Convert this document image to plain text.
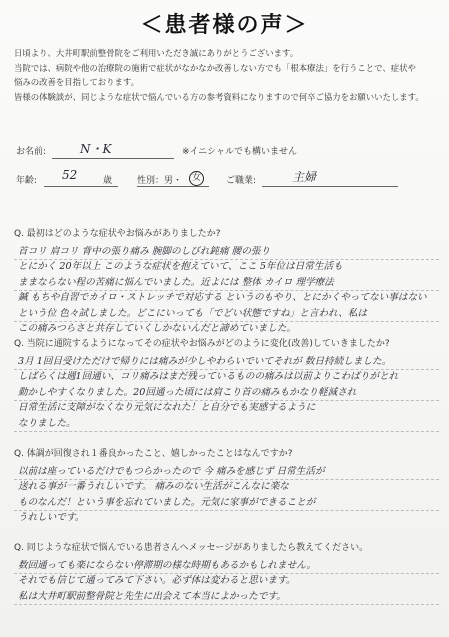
＜患者様の声＞
日頃より、大井町駅前整骨院をご利用いただき誠にありがとうございます。
当院では、病院や他の治療院の施術で症状がなかなか改善しない方でも「根本療法」を行うことで、症状や
悩みの改善を目指しております。
皆様の体験談が、同じような症状で悩んでいる方の参考資料になりますので何卒ご協力をお願いいたします。
お名前:	N・K	※イニシャルでも構いません
年齢: 52	歳	性別：男・	女	ご職業:	主婦
Q. 最初はどのような症状やお悩みがありましたか?
首コリ 肩コリ 背中の張り痛み 腕脚のしびれ鈍痛 腰の張り
とにかく 20年以上 このような症状を抱えていて、ここ 5年位は日常生活も
ままならない程の苦痛に悩んでいました。近よには 整体 カイロ 理学療法
鍼 もちや自習でカイロ・ストレッチで対応する というのもやり、とにかくやってない事はない
という位 色々試しました。どこにいっても「でどい状態ですね」と言われ、私は
この痛みつらさと共存していくしかないんだと諦めていました。
Q. 当院に通院するようになってその症状やお悩みがどのように変化(改善)していきましたか?
3月 1回目受けただけで帰りには痛みが少しやわらいでいてそれが 数日持続しました。
しばらくは週1回通い、コリ痛みはまだ残っているものの痛みは以前よりこわばりがとれ
動かしやすくなりました。20回通った頃には肩こり首の痛みもかなり軽減され
日常生活に支障がなくなり元気になれた！と自分でも実感するように
なりました。
Q. 体調が回復され１番良かったこと、嬉しかったことはなんですか?
以前は座っているだけでもつらかったので 今 痛みを感じず 日常生活が
送れる事が一番うれしいです。 痛みのない生活がこんなに楽な
ものなんだ！という事を忘れていました。元気に家事ができることが
うれしいです。
Q. 同じような症状で悩んでいる患者さんへメッセージがありましたら教えてください。
数回通っても楽にならない停滞期の様な時期もあるかもしれません。
それでも信じて通ってみて下さい。必ず体は変わると思います。
私は大井町駅前整骨院と先生に出会えて本当によかったです。
